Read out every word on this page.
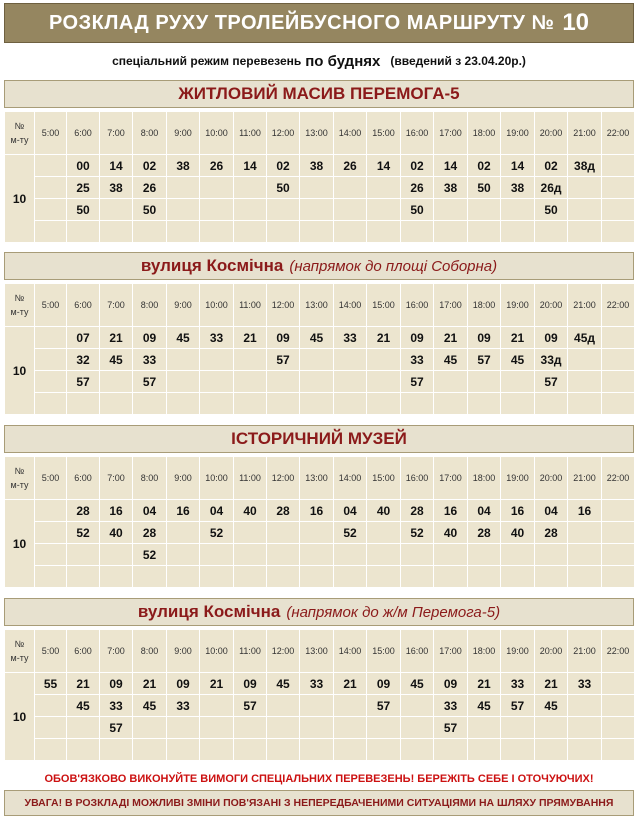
РОЗКЛАД РУХУ ТРОЛЕЙБУСНОГО МАРШРУТУ № 10
спеціальний режим перевезень по буднях (введений з 23.04.20р.)
ЖИТЛОВИЙ МАСИВ ПЕРЕМОГА-5
№
м-ту	5:00	6:00	7:00	8:00	9:00	10:00	11:00	12:00	13:00	14:00	15:00	16:00	17:00	18:00	19:00	20:00	21:00	22:00
10		00	14	02	38	26	14	02	38	26	14	02	14	02	14	02	38д	
		25	38	26				50				26	38	50	38	26д		
		50		50								50				50		

вулиця Космічна (напрямок до площі Соборна)
№
м-ту	5:00	6:00	7:00	8:00	9:00	10:00	11:00	12:00	13:00	14:00	15:00	16:00	17:00	18:00	19:00	20:00	21:00	22:00
10		07	21	09	45	33	21	09	45	33	21	09	21	09	21	09	45д	
		32	45	33				57				33	45	57	45	33д		
		57		57								57				57		

ІСТОРИЧНИЙ МУЗЕЙ
№
м-ту	5:00	6:00	7:00	8:00	9:00	10:00	11:00	12:00	13:00	14:00	15:00	16:00	17:00	18:00	19:00	20:00	21:00	22:00
10		28	16	04	16	04	40	28	16	04	40	28	16	04	16	04	16	
		52	40	28		52				52		52	40	28	40	28		
				52														

вулиця Космічна (напрямок до ж/м Перемога-5)
№
м-ту	5:00	6:00	7:00	8:00	9:00	10:00	11:00	12:00	13:00	14:00	15:00	16:00	17:00	18:00	19:00	20:00	21:00	22:00
10	55	21	09	21	09	21	09	45	33	21	09	45	09	21	33	21	33	
		45	33	45	33		57				57		33	45	57	45		
			57										57					

ОБОВ'ЯЗКОВО ВИКОНУЙТЕ ВИМОГИ СПЕЦІАЛЬНИХ ПЕРЕВЕЗЕНЬ! БЕРЕЖІТЬ СЕБЕ І ОТОЧУЮЧИХ!
УВАГА! В РОЗКЛАДІ МОЖЛИВІ ЗМІНИ ПОВ'ЯЗАНІ З НЕПЕРЕДБАЧЕНИМИ СИТУАЦІЯМИ НА ШЛЯХУ ПРЯМУВАННЯ
